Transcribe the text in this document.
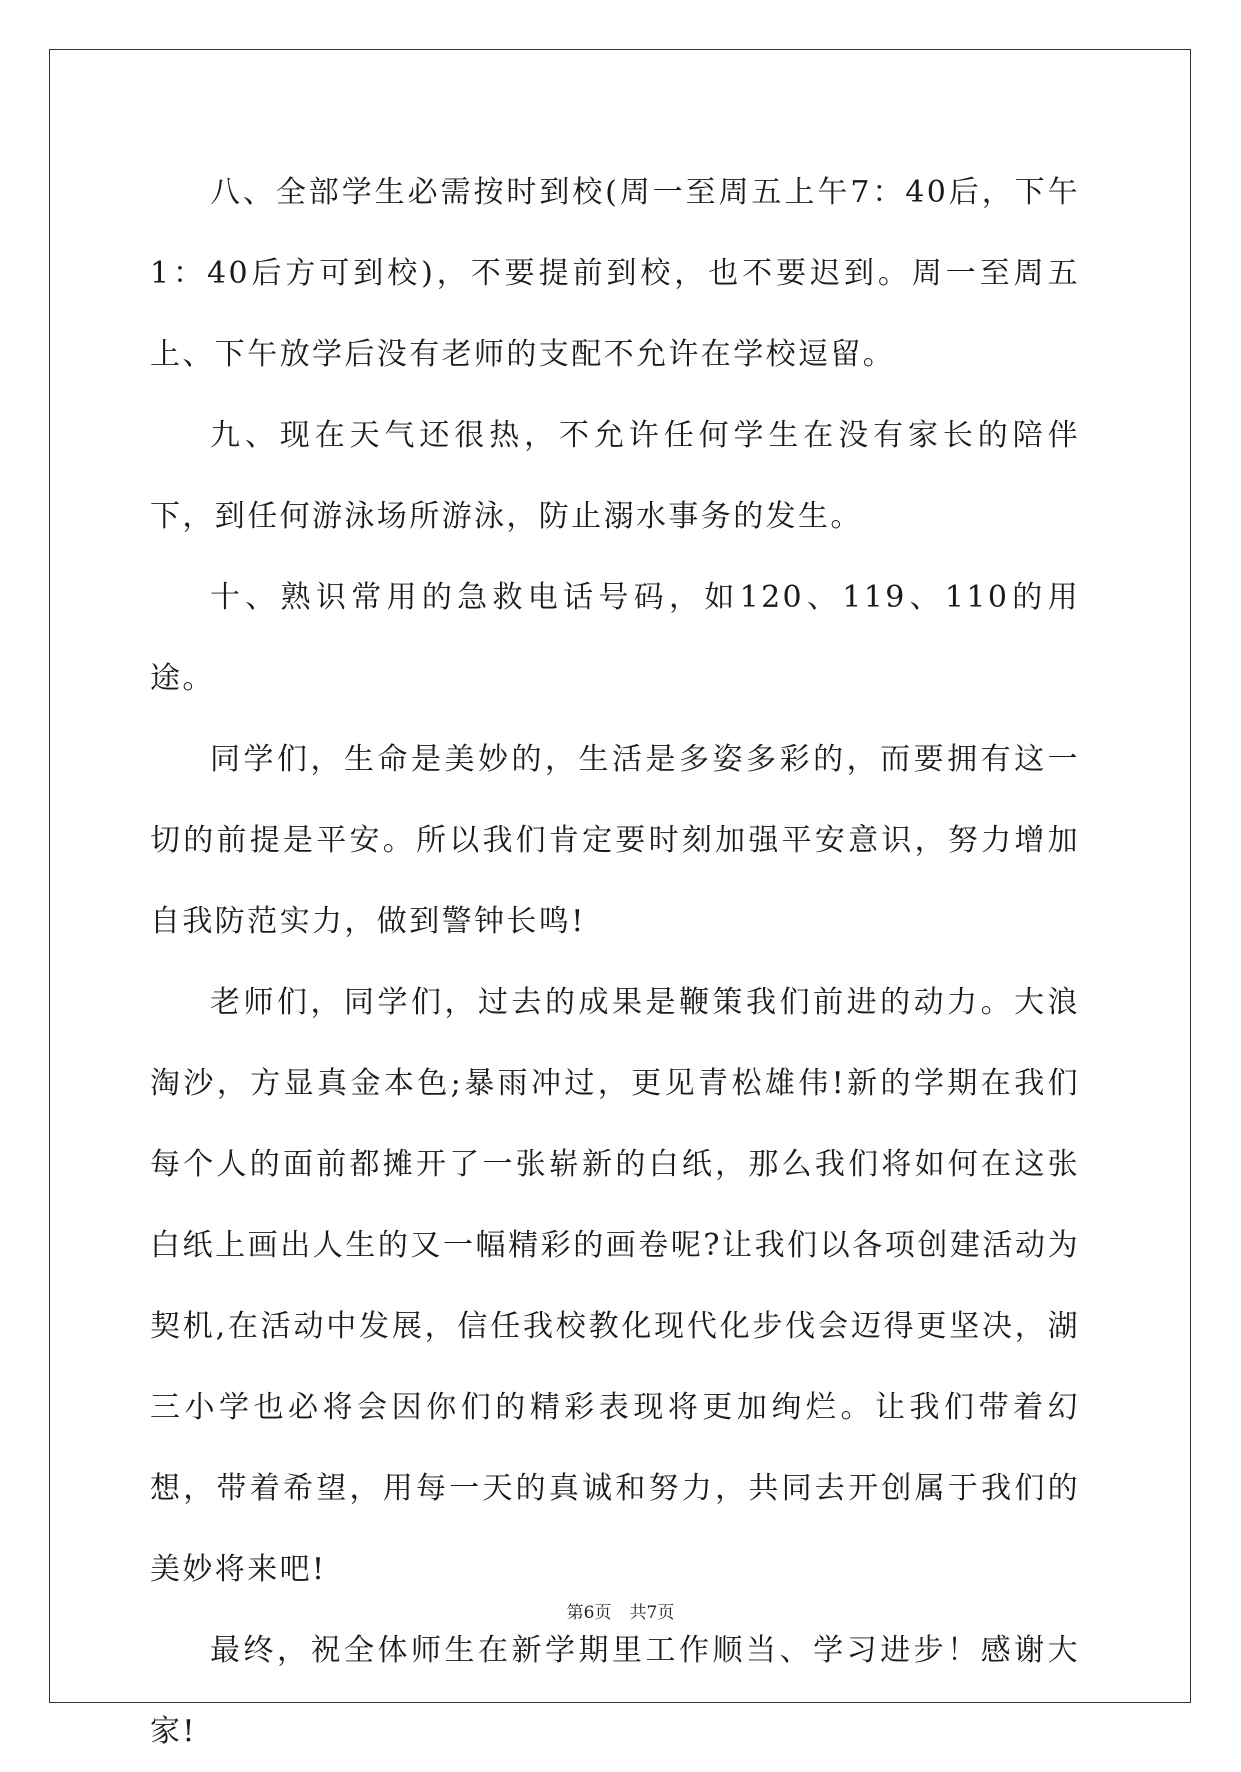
八、全部学生必需按时到校(周一至周五上午7：40后，下午1：40后方可到校)，不要提前到校，也不要迟到。周一至周五上、下午放学后没有老师的支配不允许在学校逗留。

九、现在天气还很热，不允许任何学生在没有家长的陪伴下，到任何游泳场所游泳，防止溺水事务的发生。

十、熟识常用的急救电话号码，如120、119、110的用途。

同学们，生命是美妙的，生活是多姿多彩的，而要拥有这一切的前提是平安。所以我们肯定要时刻加强平安意识，努力增加自我防范实力，做到警钟长鸣!

老师们，同学们，过去的成果是鞭策我们前进的动力。大浪淘沙，方显真金本色;暴雨冲过，更见青松雄伟!新的学期在我们每个人的面前都摊开了一张崭新的白纸，那么我们将如何在这张白纸上画出人生的又一幅精彩的画卷呢?让我们以各项创建活动为契机,在活动中发展，信任我校教化现代化步伐会迈得更坚决，湖三小学也必将会因你们的精彩表现将更加绚烂。让我们带着幻想，带着希望，用每一天的真诚和努力，共同去开创属于我们的美妙将来吧!

最终，祝全体师生在新学期里工作顺当、学习进步！感谢大家!

第6页 共7页
